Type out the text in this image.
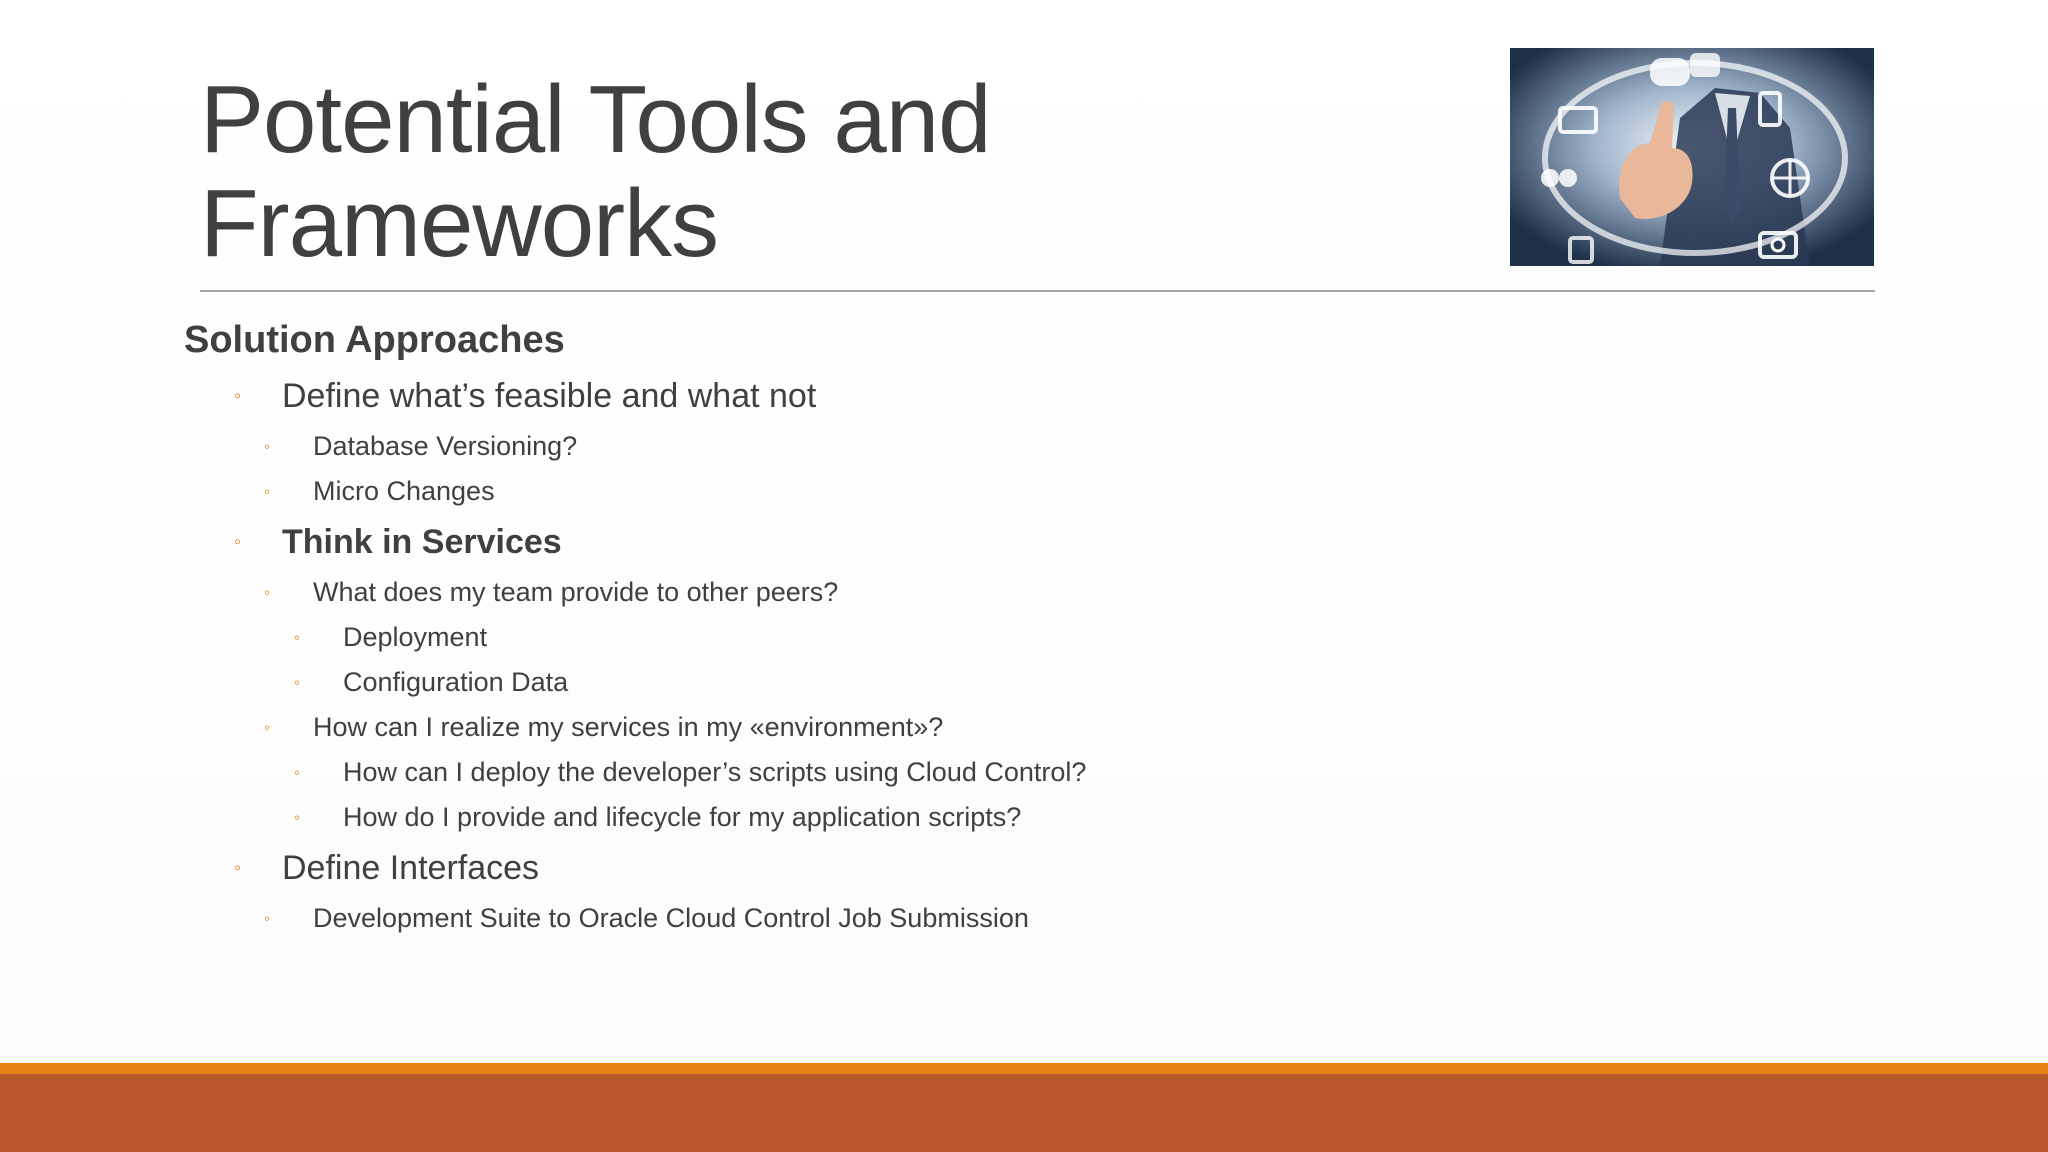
Potential Tools and
Frameworks

Solution Approaches

◦ Define what’s feasible and what not
◦ Database Versioning?
◦ Micro Changes
◦ Think in Services
◦ What does my team provide to other peers?
◦ Deployment
◦ Configuration Data
◦ How can I realize my services in my «environment»?
◦ How can I deploy the developer’s scripts using Cloud Control?
◦ How do I provide and lifecycle for my application scripts?
◦ Define Interfaces
◦ Development Suite to Oracle Cloud Control Job Submission
